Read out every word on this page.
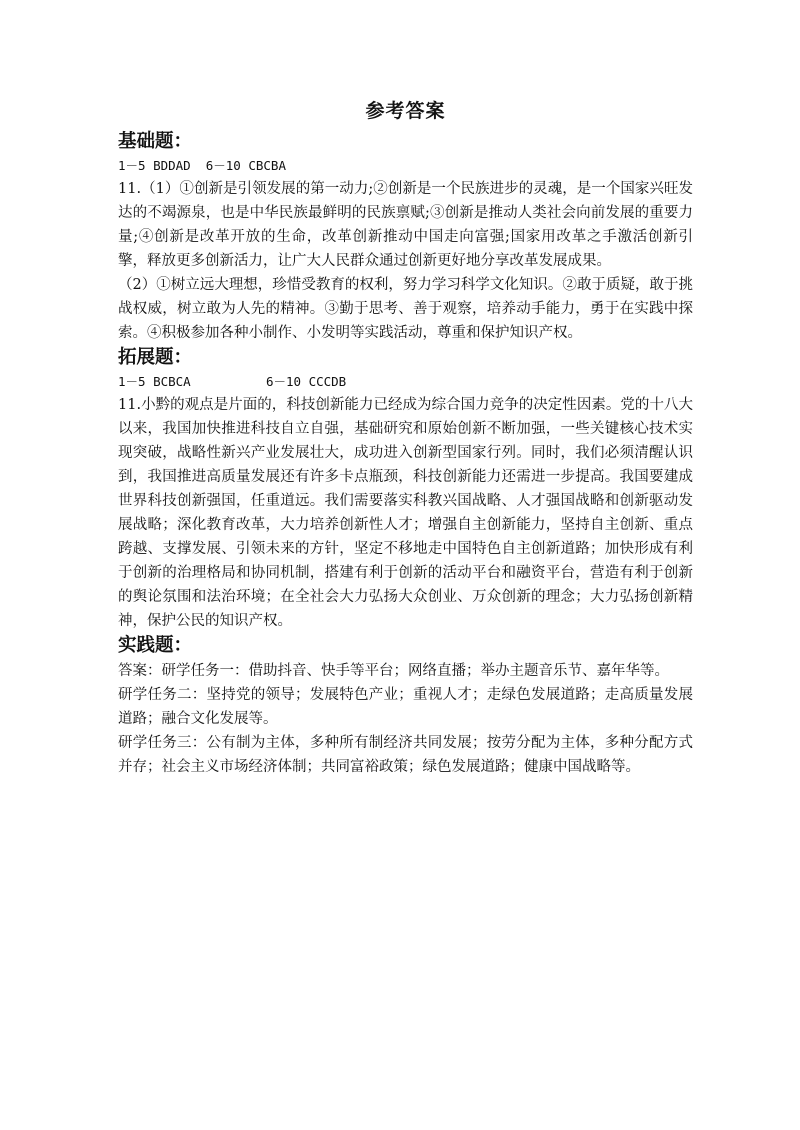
参考答案
基础题：
1－5 BDDAD  6－10 CBCBA

11.（1）①创新是引领发展的第一动力;②创新是一个民族进步的灵魂，是一个国家兴旺发达的不竭源泉，也是中华民族最鲜明的民族禀赋;③创新是推动人类社会向前发展的重要力量;④创新是改革开放的生命，改革创新推动中国走向富强;国家用改革之手激活创新引擎，释放更多创新活力，让广大人民群众通过创新更好地分享改革发展成果。

（2）①树立远大理想，珍惜受教育的权利，努力学习科学文化知识。②敢于质疑，敢于挑战权威，树立敢为人先的精神。③勤于思考、善于观察，培养动手能力，勇于在实践中探索。④积极参加各种小制作、小发明等实践活动，尊重和保护知识产权。

拓展题：
1－5 BCBCA          6－10 CCCDB

11.小黔的观点是片面的，科技创新能力已经成为综合国力竞争的决定性因素。党的十八大以来，我国加快推进科技自立自强，基础研究和原始创新不断加强，一些关键核心技术实现突破，战略性新兴产业发展壮大，成功进入创新型国家行列。同时，我们必须清醒认识到，我国推进高质量发展还有许多卡点瓶颈，科技创新能力还需进一步提高。我国要建成世界科技创新强国，任重道远。我们需要落实科教兴国战略、人才强国战略和创新驱动发展战略；深化教育改革，大力培养创新性人才；增强自主创新能力，坚持自主创新、重点跨越、支撑发展、引领未来的方针，坚定不移地走中国特色自主创新道路；加快形成有利于创新的治理格局和协同机制，搭建有利于创新的活动平台和融资平台，营造有利于创新的舆论氛围和法治环境；在全社会大力弘扬大众创业、万众创新的理念；大力弘扬创新精神，保护公民的知识产权。

实践题：

答案：研学任务一：借助抖音、快手等平台；网络直播；举办主题音乐节、嘉年华等。

研学任务二：坚持党的领导；发展特色产业；重视人才；走绿色发展道路；走高质量发展道路；融合文化发展等。

研学任务三：公有制为主体，多种所有制经济共同发展；按劳分配为主体，多种分配方式并存；社会主义市场经济体制；共同富裕政策；绿色发展道路；健康中国战略等。
